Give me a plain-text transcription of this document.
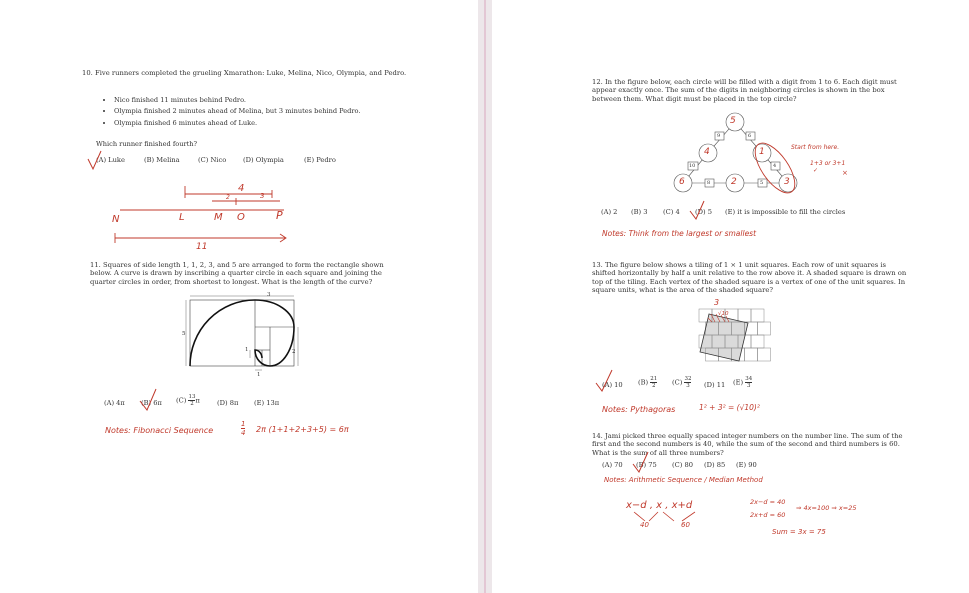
10. Five runners completed the grueling Xmarathon: Luke, Melina, Nico, Olympia, and Pedro.
• Nico finished 11 minutes behind Pedro.
• Olympia finished 2 minutes ahead of Melina, but 3 minutes behind Pedro.
• Olympia finished 6 minutes ahead of Luke.
Which runner finished fourth?
(A) Luke	(B) Melina	(C) Nico	(D) Olympia	(E) Pedro
4
2	3
N	L	M O	P
11
11. Squares of side length 1, 1, 2, 3, and 5 are arranged to form the rectangle shown below. A curve is drawn by inscribing a quarter circle in each square and joining the quarter circles in order, from shortest to longest. What is the length of the curve?
3
5
2
1
1
(A) 4π (B) 6π $(C) \frac{13}{2}$ π	(D) 8π (E) 13π
Notes: Fibonacci Sequence
1
4 2π (1+1+2+3+5) = 6π
12. In the figure below, each circle will be filled with a digit from 1 to 6. Each digit must appear exactly once. The sum of the digits in neighboring circles is shown in the box between them. What digit must be placed in the top circle?
5
4	1
6	2	3
9	6
10	4
8	5
Start from here.
1+3 or 3+1
✓	×
(A) 2 (B) 3 (C) 4 (D) 5 (E) it is impossible to fill the circles
Notes: Think from the largest or smallest
13. The figure below shows a tiling of 1 × 1 unit squares. Each row of unit squares is shifted horizontally by half a unit relative to the row above it. A shaded square is drawn on top of the tiling. Each vertex of the shaded square is a vertex of one of the unit squares. In square units, what is the area of the shaded square?
3
√10
(A) 10 $(B) \frac{21}{2} (C) \frac{32}{3} (D)$ 11 $(E) \frac{34}{3}$
Notes: Pythagoras	1² + 3² = (√10)²
14. Jami picked three equally spaced integer numbers on the number line. The sum of the first and the second numbers is 40, while the sum of the second and third numbers is 60. What is the sum of all three numbers?
(A) 70 (B) 75 (C) 80 (D) 85 (E) 90
Notes: Arithmetic Sequence / Median Method
x−d , x , x+d
40	60
2x−d = 40
2x+d = 60
⇒ 4x=100 ⇒ x=25
Sum = 3x = 75
